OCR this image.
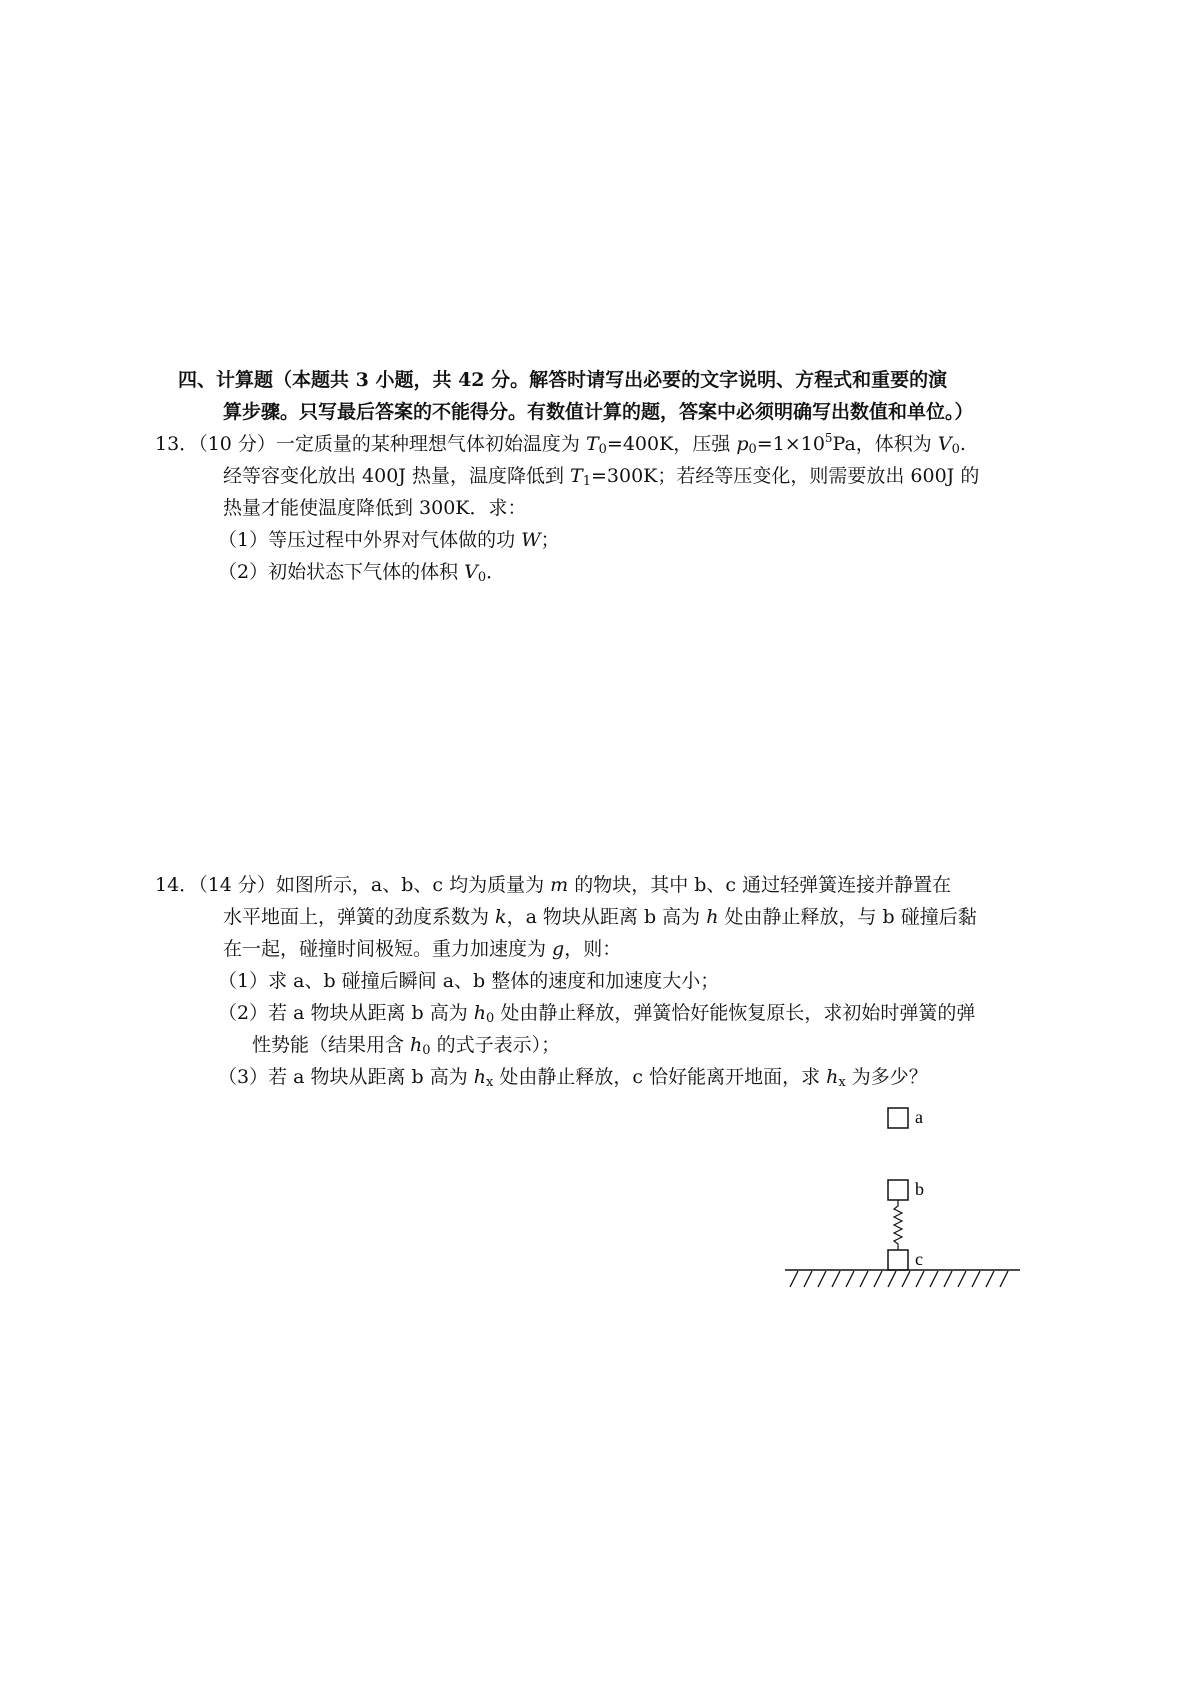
四、计算题（本题共 3 小题，共 42 分。解答时请写出必要的文字说明、方程式和重要的演
算步骤。只写最后答案的不能得分。有数值计算的题，答案中必须明确写出数值和单位。）
13．（10 分）一定质量的某种理想气体初始温度为 $T_0=400K$，压强 $p_0=1\times 10^5Pa$，体积为 $V_0$.
经等容变化放出 400J 热量，温度降低到 $T_1=300K$；若经等压变化，则需要放出 600J 的
热量才能使温度降低到 300K．求：
（1）等压过程中外界对气体做的功 W；
（2）初始状态下气体的体积 $V_0$．
14．（14 分）如图所示，a、b、c 均为质量为 m 的物块，其中 b、c 通过轻弹簧连接并静置在
水平地面上，弹簧的劲度系数为 k，a 物块从距离 b 高为 h 处由静止释放，与 b 碰撞后黏
在一起，碰撞时间极短。重力加速度为 g，则：
（1）求 a、b 碰撞后瞬间 a、b 整体的速度和加速度大小；
（2）若 a 物块从距离 b 高为 $h_0$ 处由静止释放，弹簧恰好能恢复原长，求初始时弹簧的弹
性势能（结果用含 $h_0$ 的式子表示）；
（3）若 a 物块从距离 b 高为 $h_x$ 处由静止释放，c 恰好能离开地面，求 $h_x$ 为多少？
a
b
c
